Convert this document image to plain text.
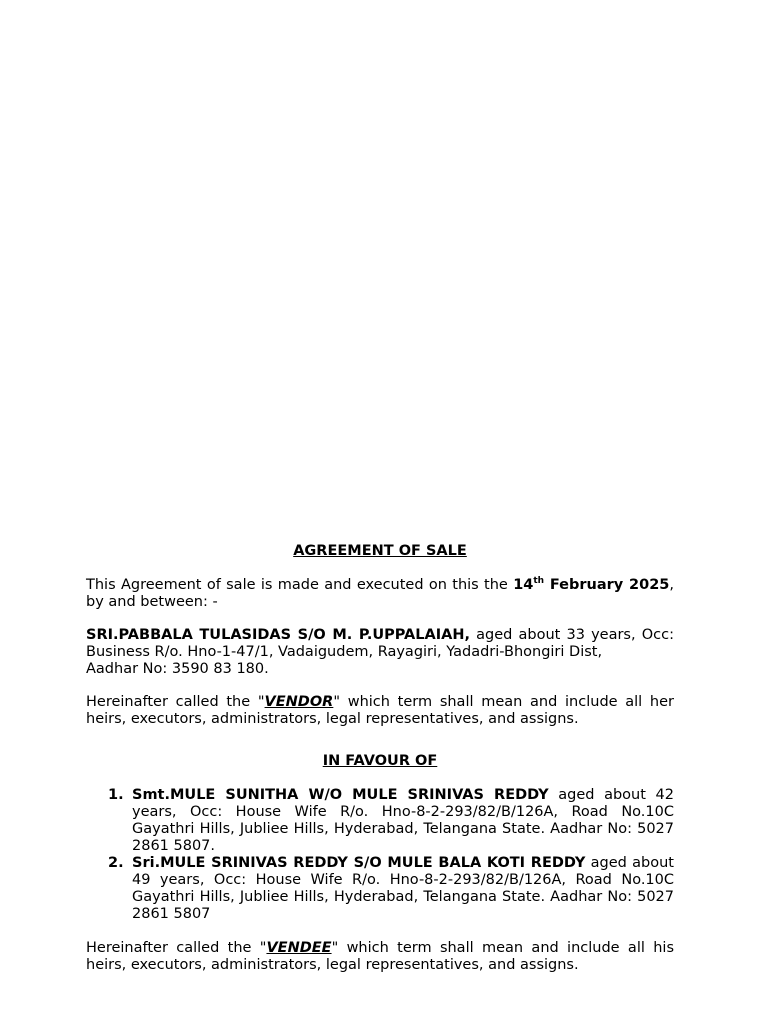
AGREEMENT OF SALE

This Agreement of sale is made and executed on this the 14th February 2025, by and between: -

SRI.PABBALA TULASIDAS S/O M. P.UPPALAIAH, aged about 33 years, Occ: Business R/o. Hno-1-47/1, Vadaigudem, Rayagiri, Yadadri-Bhongiri Dist,

Aadhar No: 3590 83 180.

Hereinafter called the "VENDOR" which term shall mean and include all her heirs, executors, administrators, legal representatives, and assigns.

IN FAVOUR OF

1. Smt.MULE SUNITHA W/O MULE SRINIVAS REDDY aged about 42 years, Occ: House Wife R/o. Hno-8-2-293/82/B/126A, Road No.10C Gayathri Hills, Jubliee Hills, Hyderabad, Telangana State. Aadhar No: 5027 2861 5807.
2. Sri.MULE SRINIVAS REDDY S/O MULE BALA KOTI REDDY aged about 49 years, Occ: House Wife R/o. Hno-8-2-293/82/B/126A, Road No.10C Gayathri Hills, Jubliee Hills, Hyderabad, Telangana State. Aadhar No: 5027 2861 5807

Hereinafter called the "VENDEE" which term shall mean and include all his heirs, executors, administrators, legal representatives, and assigns.
